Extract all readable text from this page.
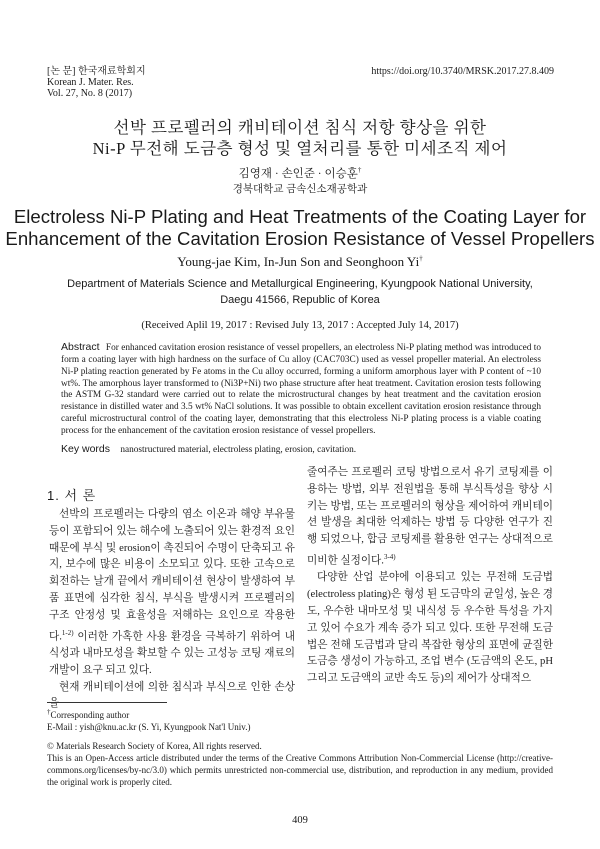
[논 문] 한국재료학회지
Korean J. Mater. Res.
Vol. 27, No. 8 (2017)
https://doi.org/10.3740/MRSK.2017.27.8.409
선박 프로펠러의 캐비테이션 침식 저항 향상을 위한
Ni-P 무전해 도금층 형성 및 열처리를 통한 미세조직 제어
김영재 · 손인준 · 이승훈†
경북대학교 금속신소재공학과
Electroless Ni-P Plating and Heat Treatments of the Coating Layer for
Enhancement of the Cavitation Erosion Resistance of Vessel Propellers
Young-jae Kim, In-Jun Son and Seonghoon Yi†
Department of Materials Science and Metallurgical Engineering, Kyungpook National University,
Daegu 41566, Republic of Korea
(Received Aplil 19, 2017 : Revised July 13, 2017 : Accepted July 14, 2017)
Abstract For enhanced cavitation erosion resistance of vessel propellers, an electroless Ni-P plating method was introduced to form a coating layer with high hardness on the surface of Cu alloy (CAC703C) used as vessel propeller material. An electroless Ni-P plating reaction generated by Fe atoms in the Cu alloy occurred, forming a uniform amorphous layer with P content of ~10 wt%. The amorphous layer transformed to (Ni3P+Ni) two phase structure after heat treatment. Cavitation erosion tests following the ASTM G-32 standard were carried out to relate the microstructural changes by heat treatment and the cavitation erosion resistance in distilled water and 3.5 wt% NaCl solutions. It was possible to obtain excellent cavitation erosion resistance through careful microstructural control of the coating layer, demonstrating that this electroless Ni-P plating process is a viable coating process for the enhancement of the cavitation erosion resistance of vessel propellers.
Key words nanostructured material, electroless plating, erosion, cavitation.
1. 서 론

선박의 프로펠러는 다량의 염소 이온과 해양 부유물 등이 포함되어 있는 해수에 노출되어 있는 환경적 요인 때문에 부식 및 erosion이 촉진되어 수명이 단축되고 유지, 보수에 많은 비용이 소모되고 있다. 또한 고속으로 회전하는 날개 끝에서 캐비테이션 현상이 발생하여 부품 표면에 심각한 침식, 부식을 발생시켜 프로펠러의 구조 안정성 및 효율성을 저해하는 요인으로 작용한다.$^{1-2)}$ 이러한 가혹한 사용 환경을 극복하기 위하여 내식성과 내마모성을 확보할 수 있는 고성능 코팅 재료의 개발이 요구 되고 있다.

현재 캐비테이션에 의한 침식과 부식으로 인한 손상을

줄여주는 프로펠러 코팅 방법으로서 유기 코팅제를 이용하는 방법, 외부 전원법을 통해 부식특성을 향상 시키는 방법, 또는 프로펠러의 형상을 제어하여 캐비테이션 발생을 최대한 억제하는 방법 등 다양한 연구가 진행 되었으나, 합금 코팅제를 활용한 연구는 상대적으로 미비한 실정이다.$^{3-4)}$

다양한 산업 분야에 이용되고 있는 무전해 도금법(electroless plating)은 형성 된 도금막의 균일성, 높은 경도, 우수한 내마모성 및 내식성 등 우수한 특성을 가지고 있어 수요가 계속 증가 되고 있다. 또한 무전해 도금법은 전해 도금법과 달리 복잡한 형상의 표면에 균질한 도금층 생성이 가능하고, 조업 변수 (도금액의 온도, pH 그리고 도금액의 교반 속도 등)의 제어가 상대적으

†Corresponding author
E-Mail : yish@knu.ac.kr (S. Yi, Kyungpook Nat'l Univ.)
© Materials Research Society of Korea, All rights reserved.
This is an Open-Access article distributed under the terms of the Creative Commons Attribution Non-Commercial License (http://creative-commons.org/licenses/by-nc/3.0) which permits unrestricted non-commercial use, distribution, and reproduction in any medium, provided the original work is properly cited.
409
